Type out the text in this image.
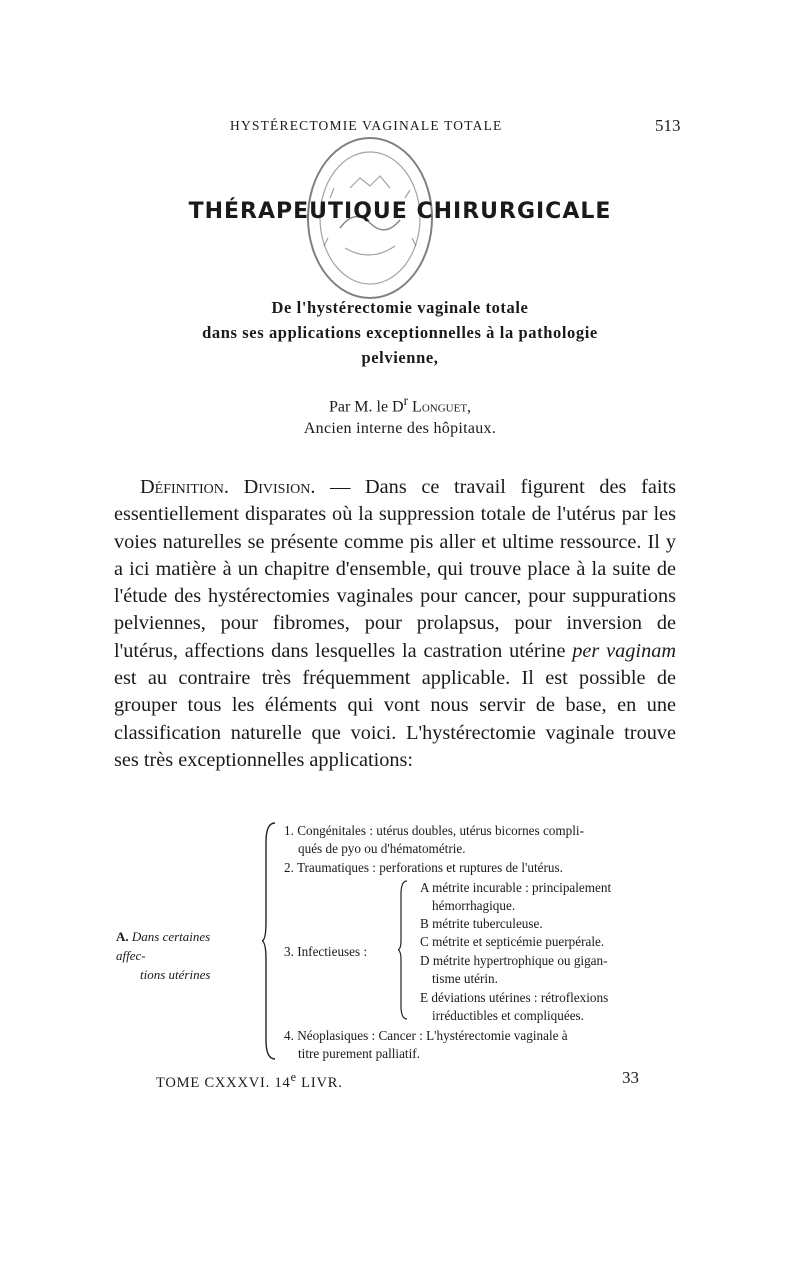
HYSTÉRECTOMIE VAGINALE TOTALE	513
THÉRAPEUTIQUE CHIRURGICALE
De l'hystérectomie vaginale totale
dans ses applications exceptionnelles à la pathologie
pelvienne,
Par M. le $D^r$ Longuet,
Ancien interne des hôpitaux.

Définition. Division. — Dans ce travail figurent des faits essentiellement disparates où la suppression totale de l'utérus par les voies naturelles se présente comme pis aller et ultime ressource. Il y a ici matière à un chapitre d'ensemble, qui trouve place à la suite de l'étude des hystérectomies vaginales pour cancer, pour suppurations pelviennes, pour fibromes, pour prolapsus, pour inversion de l'utérus, affections dans lesquelles la castration utérine per vaginam est au contraire très fréquemment applicable. Il est possible de grouper tous les éléments qui vont nous servir de base, en une classification naturelle que voici. L'hystérectomie vaginale trouve ses très exceptionnelles applications:

A. Dans certaines affec-
tions utérines
1. Congénitales : utérus doubles, utérus bicornes compli-
qués de pyo ou d'hématométrie.
2. Traumatiques : perforations et ruptures de l'utérus.
3. Infectieuses :
4. Néoplasiques : Cancer : L'hystérectomie vaginale à
titre purement palliatif.
A métrite incurable : principalement
hémorrhagique.
B métrite tuberculeuse.
C métrite et septicémie puerpérale.
D métrite hypertrophique ou gigan-
tisme utérin.
E déviations utérines : rétroflexions
irréductibles et compliquées.
TOME CXXXVI. 14e LIVR.	33
